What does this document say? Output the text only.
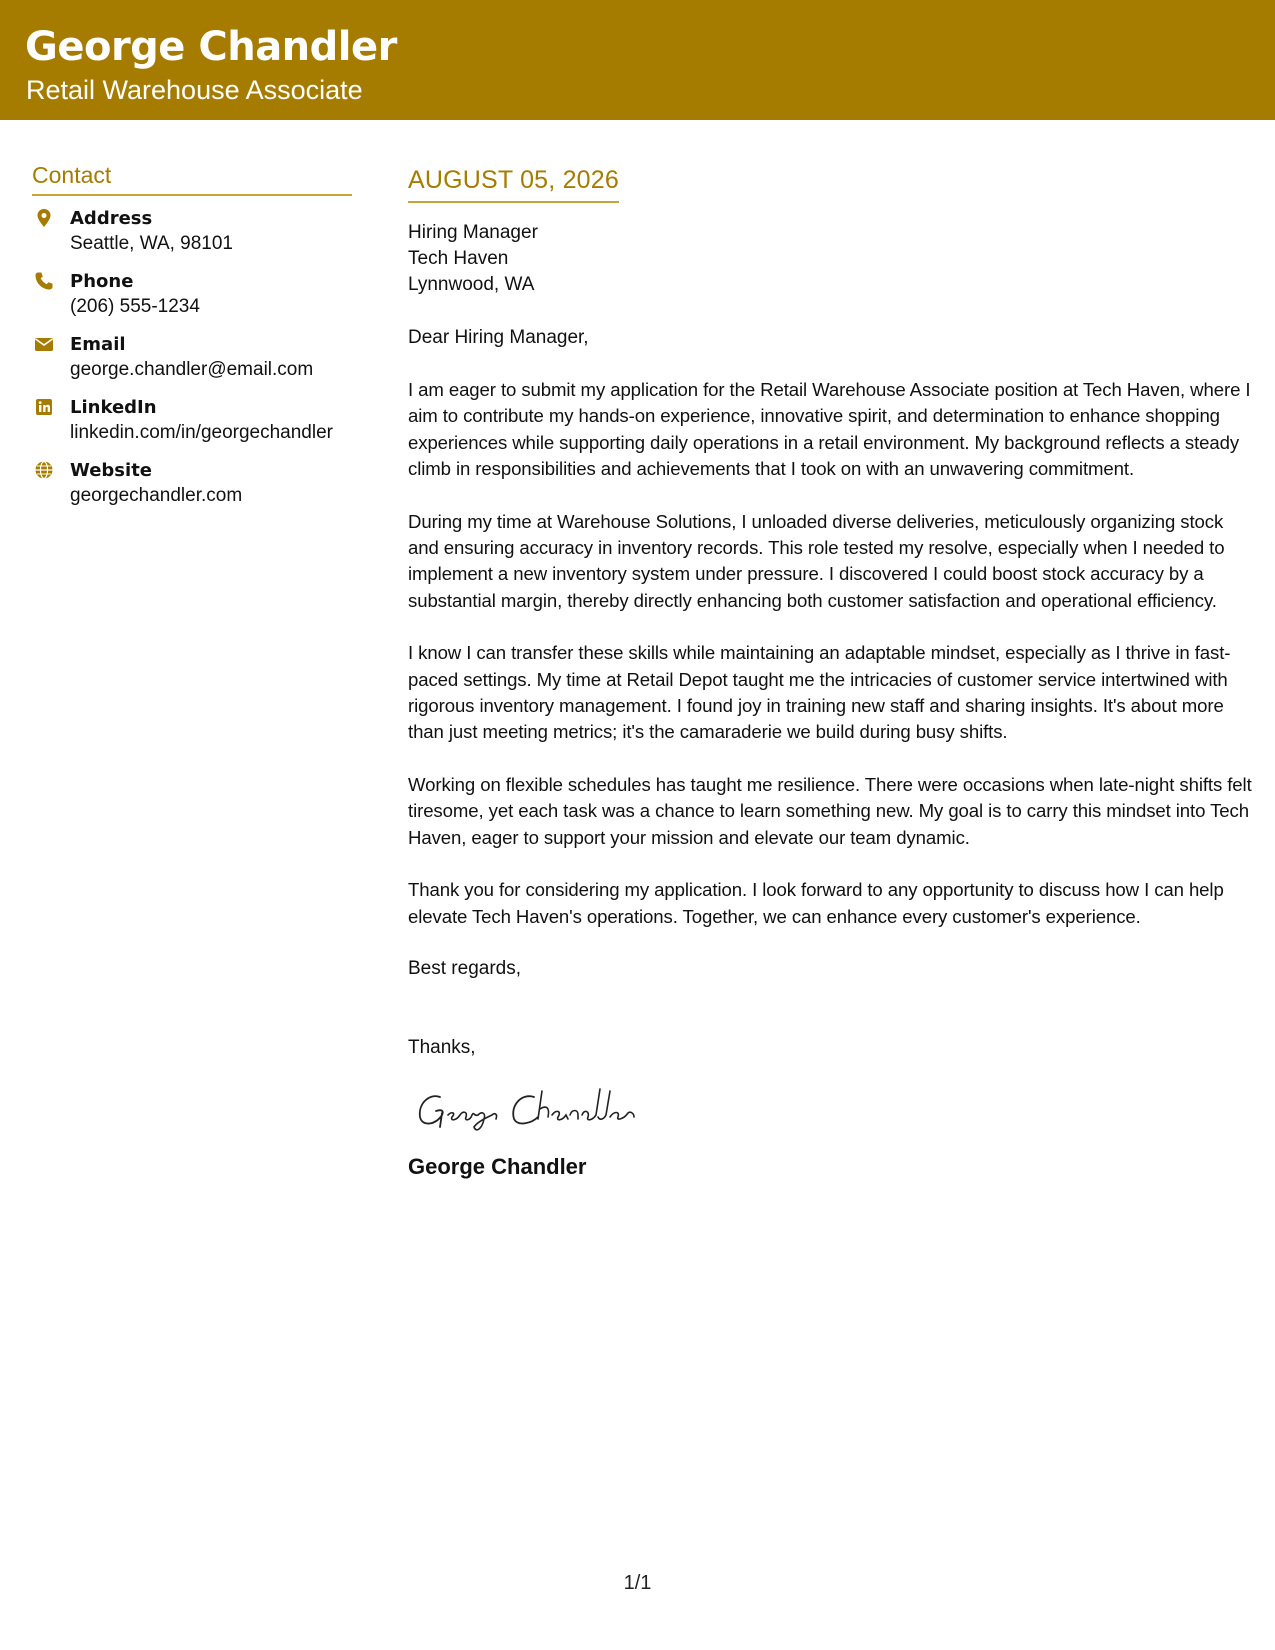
George Chandler
Retail Warehouse Associate
Contact
Address
Seattle, WA, 98101
Phone
(206) 555-1234
Email
george.chandler@email.com
LinkedIn
linkedin.com/in/georgechandler
Website
georgechandler.com
AUGUST 05, 2026
Hiring Manager
Tech Haven
Lynnwood, WA
Dear Hiring Manager,
I am eager to submit my application for the Retail Warehouse Associate position at Tech Haven, where I aim to contribute my hands-on experience, innovative spirit, and determination to enhance shopping experiences while supporting daily operations in a retail environment. My background reflects a steady climb in responsibilities and achievements that I took on with an unwavering commitment.
During my time at Warehouse Solutions, I unloaded diverse deliveries, meticulously organizing stock and ensuring accuracy in inventory records. This role tested my resolve, especially when I needed to implement a new inventory system under pressure. I discovered I could boost stock accuracy by a substantial margin, thereby directly enhancing both customer satisfaction and operational efficiency.
I know I can transfer these skills while maintaining an adaptable mindset, especially as I thrive in fast-paced settings. My time at Retail Depot taught me the intricacies of customer service intertwined with rigorous inventory management. I found joy in training new staff and sharing insights. It's about more than just meeting metrics; it's the camaraderie we build during busy shifts.
Working on flexible schedules has taught me resilience. There were occasions when late-night shifts felt tiresome, yet each task was a chance to learn something new. My goal is to carry this mindset into Tech Haven, eager to support your mission and elevate our team dynamic.
Thank you for considering my application. I look forward to any opportunity to discuss how I can help elevate Tech Haven's operations. Together, we can enhance every customer's experience.
Best regards,
Thanks,
George Chandler
1/1
